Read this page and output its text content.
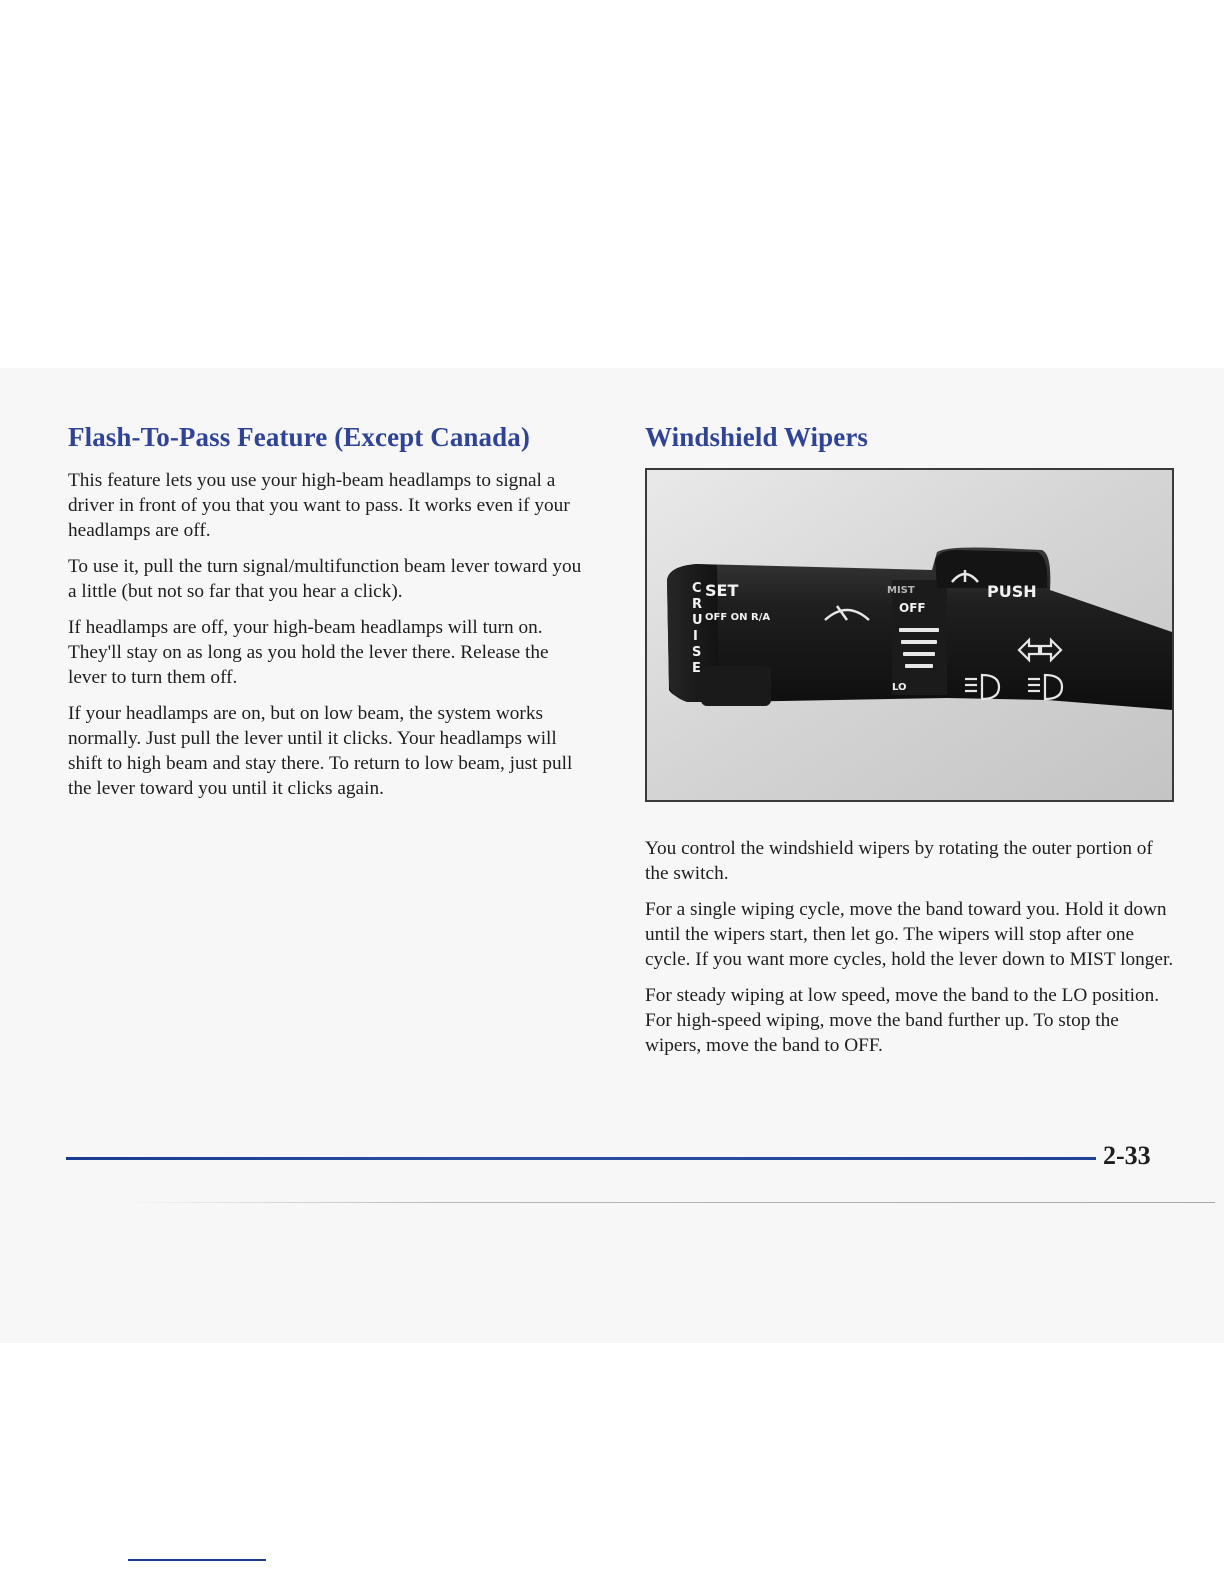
Flash-To-Pass Feature (Except Canada)

This feature lets you use your high-beam headlamps to signal a driver in front of you that you want to pass. It works even if your headlamps are off.

To use it, pull the turn signal/multifunction beam lever toward you a little (but not so far that you hear a click).

If headlamps are off, your high-beam headlamps will turn on. They'll stay on as long as you hold the lever there. Release the lever to turn them off.

If your headlamps are on, but on low beam, the system works normally. Just pull the lever until it clicks. Your headlamps will shift to high beam and stay there. To return to low beam, just pull the lever toward you until it clicks again.

Windshield Wipers
C
R
U
I
S
E
SET
OFF ON R/A
MIST
OFF
LO
PUSH

You control the windshield wipers by rotating the outer portion of the switch.

For a single wiping cycle, move the band toward you. Hold it down until the wipers start, then let go. The wipers will stop after one cycle. If you want more cycles, hold the lever down to MIST longer.

For steady wiping at low speed, move the band to the LO position. For high-speed wiping, move the band further up. To stop the wipers, move the band to OFF.

2-33
